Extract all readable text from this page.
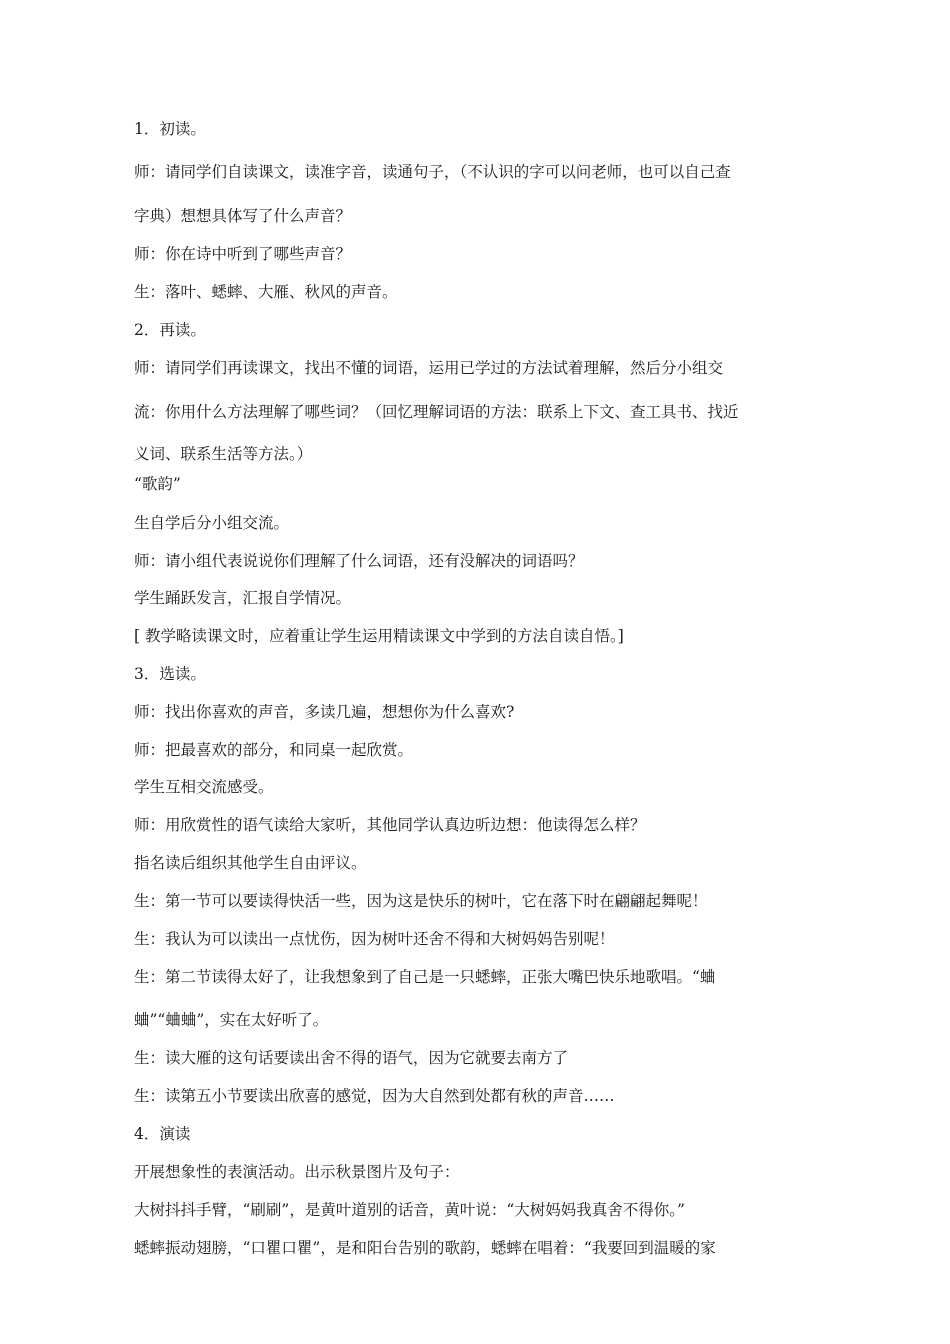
1．初读。
师：请同学们自读课文，读准字音，读通句子，（不认识的字可以问老师，也可以自己查
字典）想想具体写了什么声音？
师：你在诗中听到了哪些声音？
生：落叶、蟋蟀、大雁、秋风的声音。
2．再读。
师：请同学们再读课文，找出不懂的词语，运用已学过的方法试着理解，然后分小组交
流：你用什么方法理解了哪些词？（回忆理解词语的方法：联系上下文、查工具书、找近
义词、联系生活等方法。）
“歌韵”
生自学后分小组交流。
师：请小组代表说说你们理解了什么词语，还有没解决的词语吗？
学生踊跃发言，汇报自学情况。
[ 教学略读课文时，应着重让学生运用精读课文中学到的方法自读自悟。]
3．选读。
师：找出你喜欢的声音，多读几遍，想想你为什么喜欢?
师：把最喜欢的部分，和同桌一起欣赏。
学生互相交流感受。
师：用欣赏性的语气读给大家听，其他同学认真边听边想：他读得怎么样？
指名读后组织其他学生自由评议。
生：第一节可以要读得快活一些，因为这是快乐的树叶，它在落下时在翩翩起舞呢！
生：我认为可以读出一点忧伤，因为树叶还舍不得和大树妈妈告别呢！
生：第二节读得太好了，让我想象到了自己是一只蟋蟀，正张大嘴巴快乐地歌唱。“蛐
蛐”“蛐蛐”，实在太好听了。
生：读大雁的这句话要读出舍不得的语气，因为它就要去南方了
生：读第五小节要读出欣喜的感觉，因为大自然到处都有秋的声音……
4．演读
开展想象性的表演活动。出示秋景图片及句子：
大树抖抖手臂，“刷刷”，是黄叶道别的话音，黄叶说：“大树妈妈我真舍不得你。”
蟋蟀振动翅膀，“口瞿口瞿”，是和阳台告别的歌韵，蟋蟀在唱着：“我要回到温暖的家
